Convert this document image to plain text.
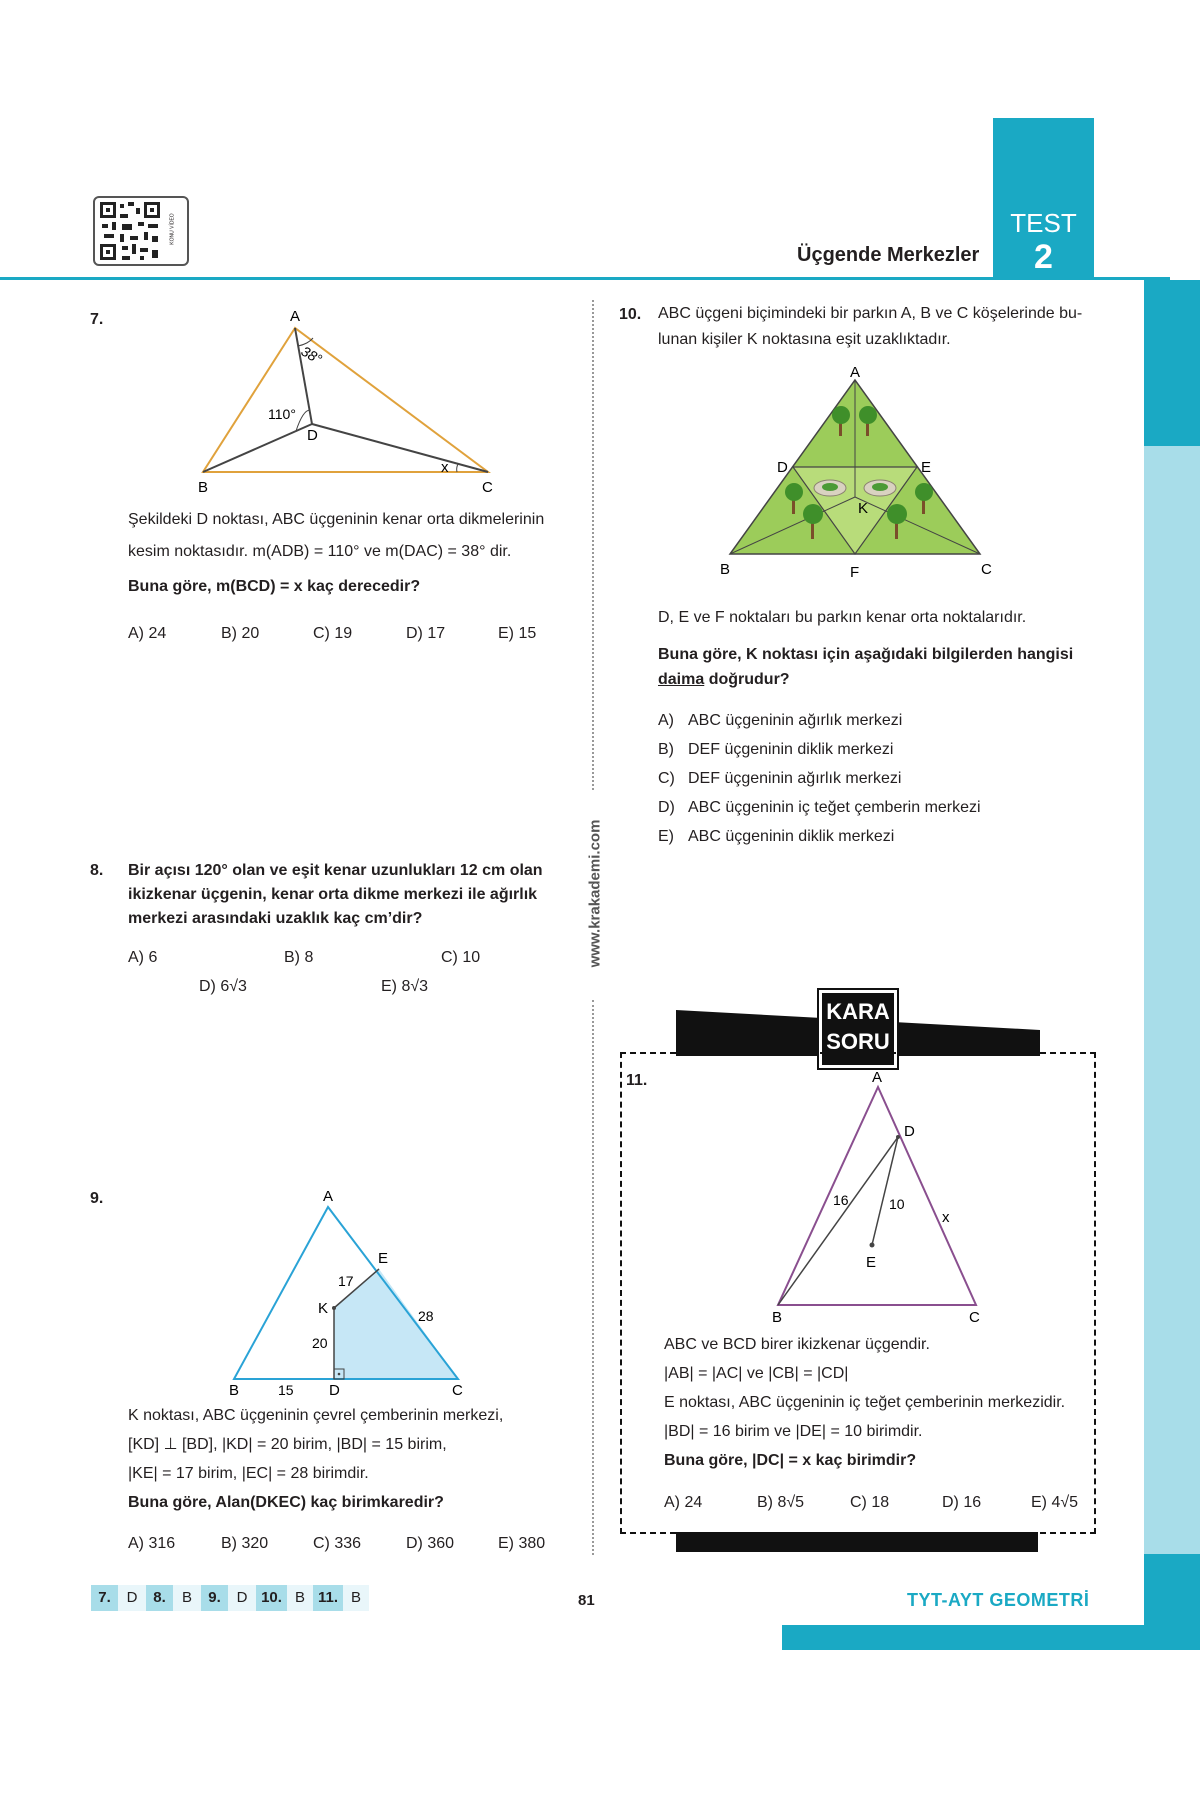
TEST
2
Üçgende Merkezler
KONU VİDEO
www.krakademi.com
7.	A
B	C
D
38°
110°
x
Şekildeki D noktası, ABC üçgeninin kenar orta dikmelerinin
kesim noktasıdır. m(ADB) = 110° ve m(DAC) = 38° dir.
Buna göre, m(BCD) = x kaç derecedir?
A) 24	B) 20	C) 19	D) 17	E) 15
8. Bir açısı 120° olan ve eşit kenar uzunlukları 12 cm olan
ikizkenar üçgenin, kenar orta dikme merkezi ile ağırlık
merkezi arasındaki uzaklık kaç cm’dir?
A) 6	B) 8	C) 10
D) 6√3	E) 8√3
9.	A
B	C
D
E
K
17
28
20
15
K noktası, ABC üçgeninin çevrel çemberinin merkezi,
[KD] ⊥ [BD], |KD| = 20 birim, |BD| = 15 birim,
|KE| = 17 birim, |EC| = 28 birimdir.
Buna göre, Alan(DKEC) kaç birimkaredir?
A) 316	B) 320	C) 336	D) 360	E) 380
10. ABC üçgeni biçimindeki bir parkın A, B ve C köşelerinde bu-
lunan kişiler K noktasına eşit uzaklıktadır.
A
B	C
D	E
F
K
D, E ve F noktaları bu parkın kenar orta noktalarıdır.
Buna göre, K noktası için aşağıdaki bilgilerden hangisi
daima doğrudur?
A) ABC üçgeninin ağırlık merkezi
B) DEF üçgeninin diklik merkezi
C) DEF üçgeninin ağırlık merkezi
D) ABC üçgeninin iç teğet çemberin merkezi
E) ABC üçgeninin diklik merkezi
KARA
SORU
11.	A
B	C
D
E
16	10
x
ABC ve BCD birer ikizkenar üçgendir.
|AB| = |AC| ve |CB| = |CD|
E noktası, ABC üçgeninin iç teğet çemberinin merkezidir.
|BD| = 16 birim ve |DE| = 10 birimdir.
Buna göre, |DC| = x kaç birimdir?
A) 24	B) 8√5	C) 18	D) 16	E) 4√5
7.	D	8.	B	9.	D 10. B 11. B	81	TYT-AYT GEOMETRİ
